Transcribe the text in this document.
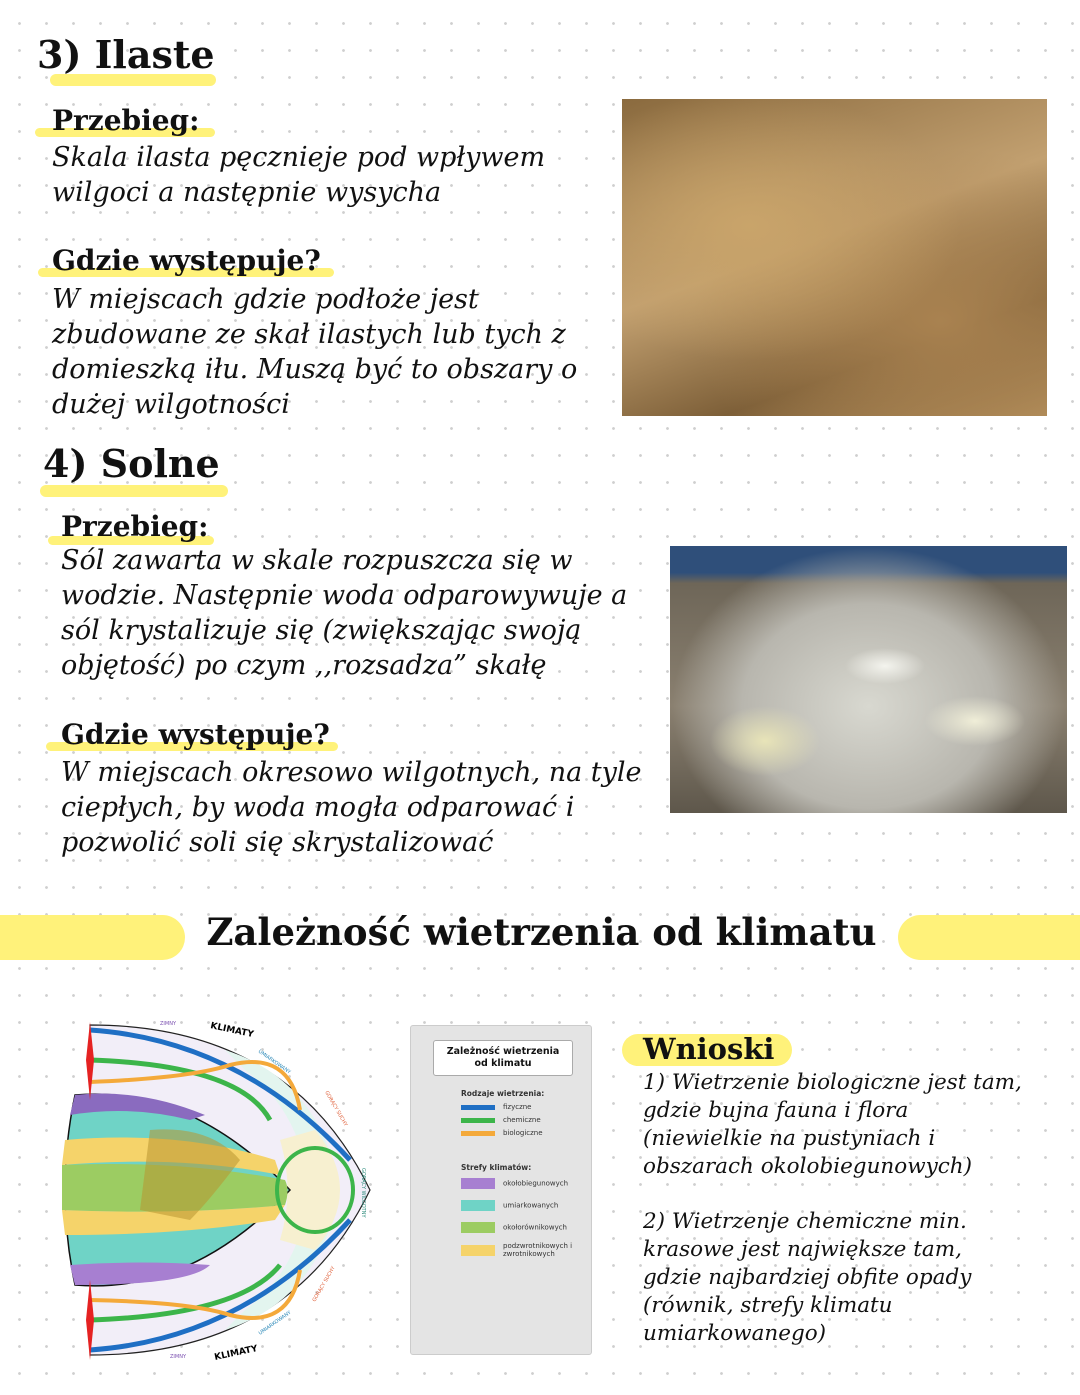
3) Ilaste
Przebieg:
Skala ilasta pęcznieje pod wpływem
wilgoci a następnie wysycha
Gdzie występuje?
W miejscach gdzie podłoże jest
zbudowane ze skał ilastych lub tych z
domieszką iłu. Muszą być to obszary o
dużej wilgotności
4) Solne
Przebieg:
Sól zawarta w skale rozpuszcza się w
wodzie. Następnie woda odparowywuje a
sól krystalizuje się (zwiększając swoją
objętość) po czym ,,rozsadza” skałę
Gdzie występuje?
W miejscach okresowo wilgotnych, na tyle
ciepłych, by woda mogła odparować i
pozwolić soli się skrystalizować
Zależność wietrzenia od klimatu
KLIMATY
ZIMNY
UMIARKOWANY
GORĄCY SUCHY
GORĄCY WILGOTNY
GORĄCY SUCHY
UMIARKOWANY
ZIMNY	KLIMATY
Zależność wietrzenia
od klimatu
Rodzaje wietrzenia:
fizyczne
chemiczne
biologiczne
Strefy klimatów:
okołobiegunowych
umiarkowanych
okołorównikowych
podzwrotnikowych i zwrotnikowych
Wnioski
1) Wietrzenie biologiczne jest tam,
gdzie bujna fauna i flora
(niewielkie na pustyniach i
obszarach okolobiegunowych)
2) Wietrzenje chemiczne min.
krasowe jest największe tam,
gdzie najbardziej obfite opady
(równik, strefy klimatu
umiarkowanego)
